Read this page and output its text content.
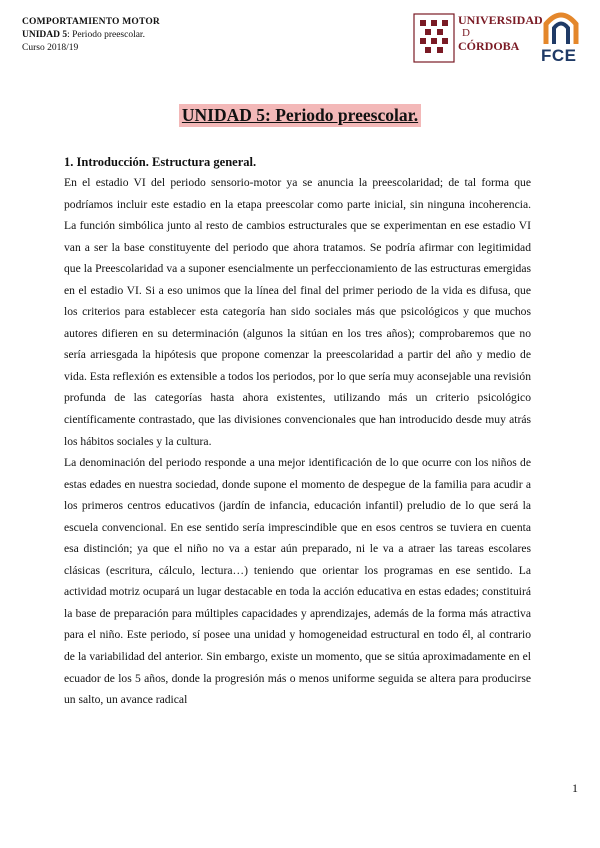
COMPORTAMIENTO MOTOR
UNIDAD 5: Periodo preescolar.
Curso 2018/19
UNIVERSIDAD
D
CÓRDOBA	FCE
UNIDAD 5: Periodo preescolar.
1. Introducción. Estructura general.

En el estadio VI del periodo sensorio-motor ya se anuncia la preescolaridad; de tal forma que podríamos incluir este estadio en la etapa preescolar como parte inicial, sin ninguna incoherencia. La función simbólica junto al resto de cambios estructurales que se experimentan en ese estadio VI van a ser la base constituyente del periodo que ahora tratamos. Se podría afirmar con legitimidad que la Preescolaridad va a suponer esencialmente un perfeccionamiento de las estructuras emergidas en el estadio VI. Si a eso unimos que la línea del final del primer periodo de la vida es difusa, que los criterios para establecer esta categoría han sido sociales más que psicológicos y que muchos autores difieren en su determinación (algunos la sitúan en los tres años); comprobaremos que no sería arriesgada la hipótesis que propone comenzar la preescolaridad a partir del año y medio de vida. Esta reflexión es extensible a todos los periodos, por lo que sería muy aconsejable una revisión profunda de las categorías hasta ahora existentes, utilizando más un criterio psicológico científicamente contrastado, que las divisiones convencionales que han introducido desde muy atrás los hábitos sociales y la cultura.

La denominación del periodo responde a una mejor identificación de lo que ocurre con los niños de estas edades en nuestra sociedad, donde supone el momento de despegue de la familia para acudir a los primeros centros educativos (jardín de infancia, educación infantil) preludio de lo que será la escuela convencional. En ese sentido sería imprescindible que en esos centros se tuviera en cuenta esa distinción; ya que el niño no va a estar aún preparado, ni le va a atraer las tareas escolares clásicas (escritura, cálculo, lectura…) teniendo que orientar los programas en ese sentido. La actividad motriz ocupará un lugar destacable en toda la acción educativa en estas edades; constituirá la base de preparación para múltiples capacidades y aprendizajes, además de la forma más atractiva para el niño. Este periodo, sí posee una unidad y homogeneidad estructural en todo él, al contrario de la variabilidad del anterior. Sin embargo, existe un momento, que se sitúa aproximadamente en el ecuador de los 5 años, donde la progresión más o menos uniforme seguida se altera para producirse un salto, un avance radical

1
